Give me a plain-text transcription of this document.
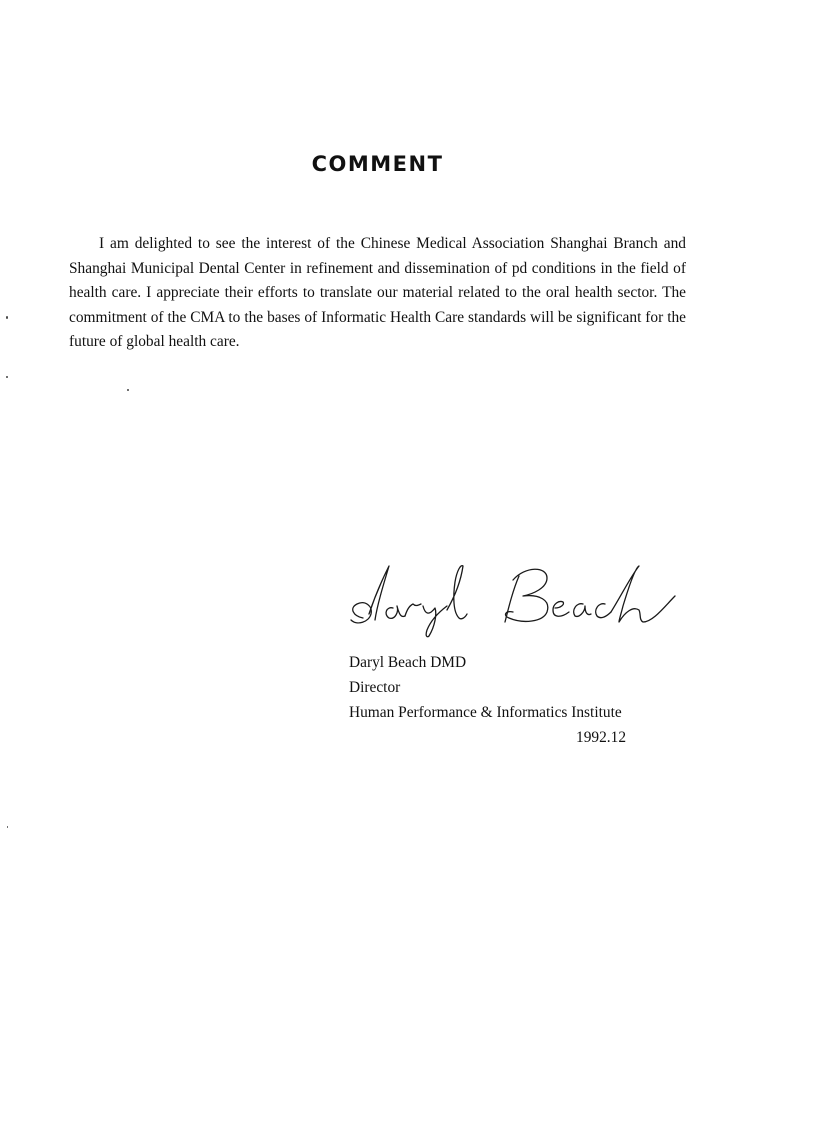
COMMENT

I am delighted to see the interest of the Chinese Medical Association Shanghai Branch and Shanghai Municipal Dental Center in refinement and dissemination of pd conditions in the field of health care. I appreciate their efforts to translate our material related to the oral health sector. The commitment of the CMA to the bases of Informatic Health Care standards will be significant for the future of global health care.

Daryl Beach DMD
Director
Human Performance & Informatics Institute
1992.12
